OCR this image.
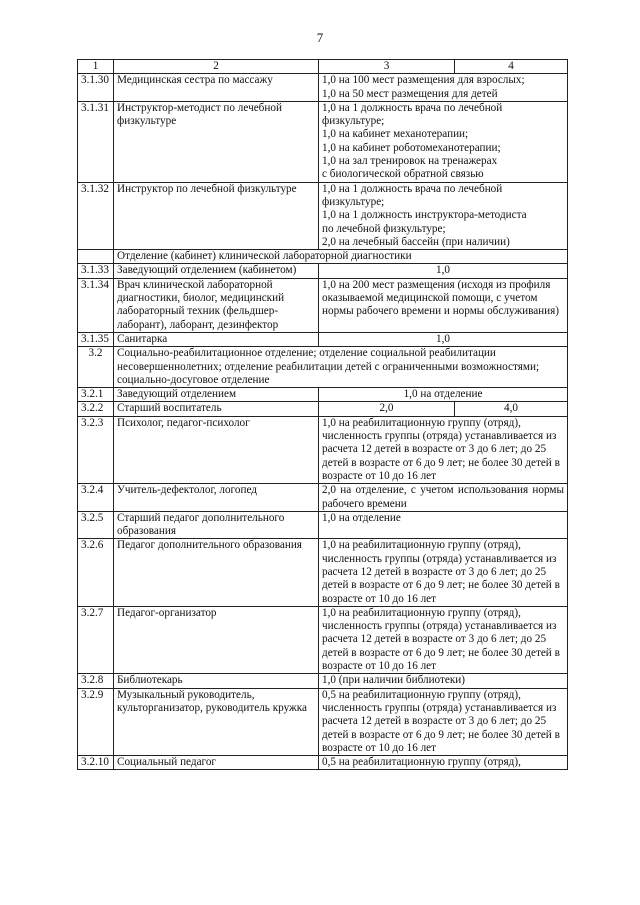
7
1	2	3	4
3.1.30	Медицинская сестра по массажу	1,0 на 100 мест размещения для взрослых;
1,0 на 50 мест размещения для детей	
3.1.31	Инструктор-методист по лечебной физкультуре	1,0 на 1 должность врача по лечебной физкультуре;
1,0 на кабинет механотерапии;
1,0 на кабинет роботомеханотерапии;
1,0 на зал тренировок на тренажерах
с биологической обратной связью	
3.1.32	Инструктор по лечебной физкультуре	1,0 на 1 должность врача по лечебной физкультуре;
1,0 на 1 должность инструктора-методиста
по лечебной физкультуре;
2,0 на лечебный бассейн (при наличии)	
	Отделение (кабинет) клинической лабораторной диагностики		
3.1.33	Заведующий отделением (кабинетом)	1,0	
3.1.34	Врач клинической лабораторной диагностики, биолог, медицинский лабораторный техник (фельдшер-лаборант), лаборант, дезинфектор	1,0 на 200 мест размещения (исходя из профиля оказываемой медицинской помощи, с учетом нормы рабочего времени и нормы обслуживания)	
3.1.35	Санитарка	1,0	
3.2	Социально-реабилитационное отделение; отделение социальной реабилитации несовершеннолетних; отделение реабилитации детей с ограниченными возможностями; социально-досуговое отделение		
3.2.1	Заведующий отделением	1,0 на отделение	
3.2.2	Старший воспитатель	2,0	4,0
3.2.3	Психолог, педагог-психолог	1,0 на реабилитационную группу (отряд),
численность группы (отряда) устанавливается из расчета 12 детей в возрасте от 3 до 6 лет; до 25 детей в возрасте от 6 до 9 лет; не более 30 детей в возрасте от 10 до 16 лет	
3.2.4	Учитель-дефектолог, логопед	2,0 на отделение, с учетом использования нормы рабочего времени	
3.2.5	Старший педагог дополнительного образования	1,0 на отделение	
3.2.6	Педагог дополнительного образования	1,0 на реабилитационную группу (отряд),
численность группы (отряда) устанавливается из расчета 12 детей в возрасте от 3 до 6 лет; до 25 детей в возрасте от 6 до 9 лет; не более 30 детей в возрасте от 10 до 16 лет	
3.2.7	Педагог-организатор	1,0 на реабилитационную группу (отряд),
численность группы (отряда) устанавливается из расчета 12 детей в возрасте от 3 до 6 лет; до 25 детей в возрасте от 6 до 9 лет; не более 30 детей в возрасте от 10 до 16 лет	
3.2.8	Библиотекарь	1,0 (при наличии библиотеки)	
3.2.9	Музыкальный руководитель, культорганизатор, руководитель кружка	0,5 на реабилитационную группу (отряд),
численность группы (отряда) устанавливается из расчета 12 детей в возрасте от 3 до 6 лет; до 25 детей в возрасте от 6 до 9 лет; не более 30 детей в возрасте от 10 до 16 лет	
3.2.10	Социальный педагог	0,5 на реабилитационную группу (отряд),	
